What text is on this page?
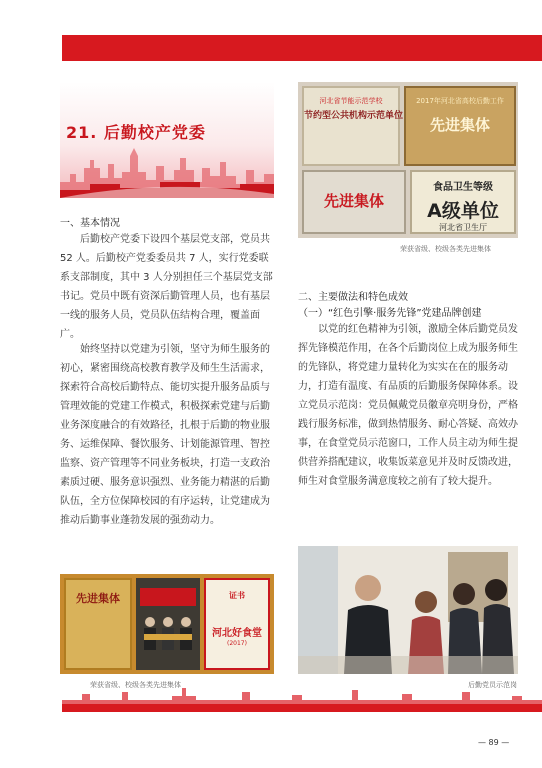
21. 后勤校产党委
河北省节能示范学校
节约型公共机构示范单位
2017年河北省高校后勤工作
先进集体
先进集体
食品卫生等级
A级单位
河北省卫生厅
荣获省级、校级各类先进集体
一、基本情况
后勤校产党委下设四个基层党支部，党员共 52 人。后勤校产党委委员共 7 人，实行党委联系支部制度，其中 3 人分别担任三个基层党支部书记。党员中既有资深后勤管理人员，也有基层一线的服务人员，党员队伍结构合理，覆盖面广。
始终坚持以党建为引领，坚守为师生服务的初心，紧密围绕高校教育教学及师生生活需求，探索符合高校后勤特点、能切实提升服务品质与管理效能的党建工作模式，积极探索党建与后勤业务深度融合的有效路径，扎根于后勤的物业服务、运维保障、餐饮服务、计划能源管理、智控监察、资产管理等不同业务板块，打造一支政治素质过硬、服务意识强烈、业务能力精湛的后勤队伍，全方位保障校园的有序运转，让党建成为推动后勤事业蓬勃发展的强劲动力。
二、主要做法和特色成效
（一）“红色引擎·服务先锋”党建品牌创建
以党的红色精神为引领，激励全体后勤党员发挥先锋模范作用，在各个后勤岗位上成为服务师生的先锋队，将党建力量转化为实实在在的服务动力，打造有温度、有品质的后勤服务保障体系。设立党员示范岗：党员佩戴党员徽章亮明身份，严格践行服务标准，做到热情服务、耐心答疑、高效办事，在食堂党员示范窗口，工作人员主动为师生提供营养搭配建议，收集饭菜意见并及时反馈改进，师生对食堂服务满意度较之前有了较大提升。
先进集体	证书
河北好食堂
(2017)
荣获省级、校级各类先进集体	后勤党员示范岗
— 89 —
